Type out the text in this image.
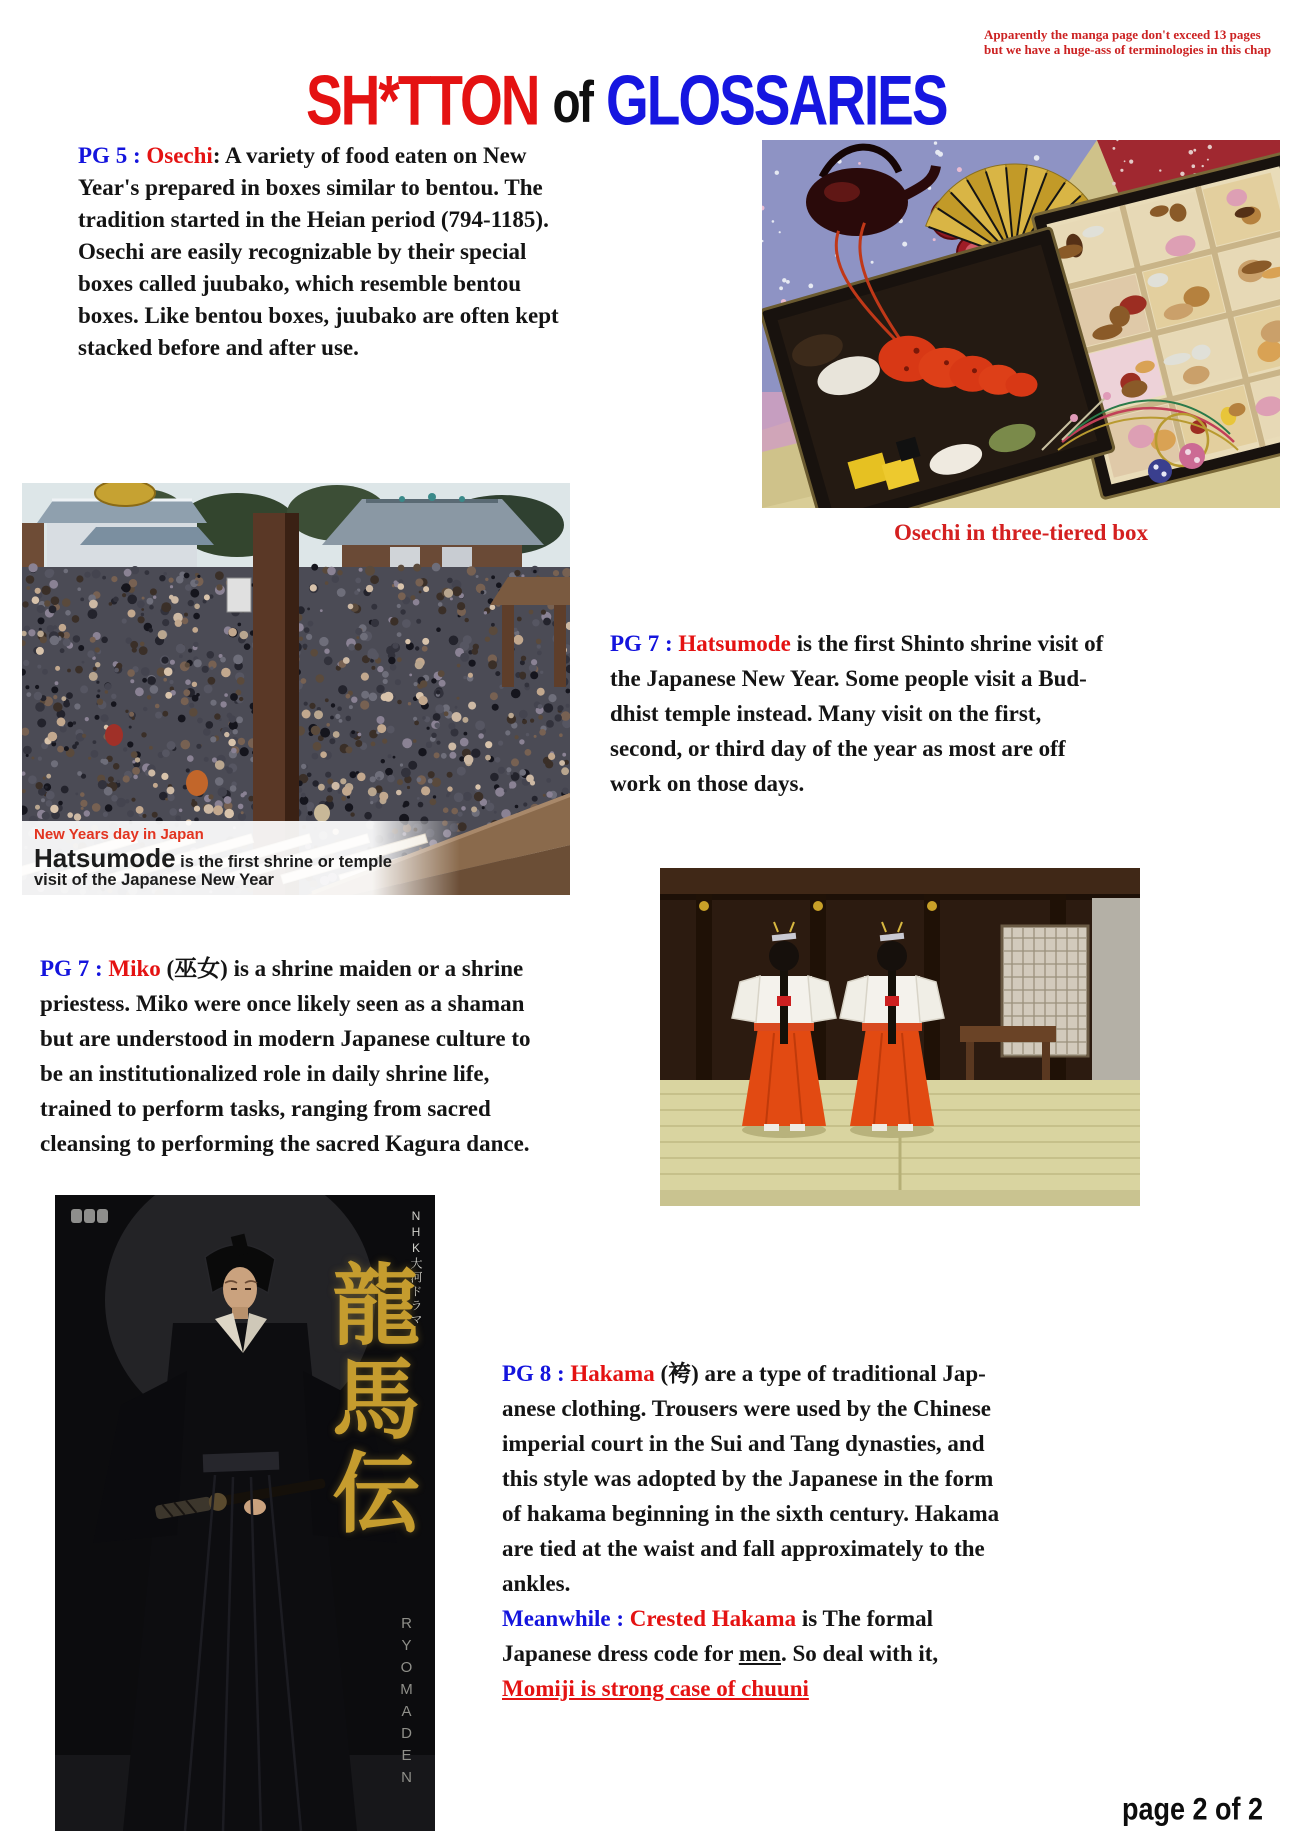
SH*TTON of GLOSSARIES
Apparently the manga page don't exceed 13 pages
but we have a huge-ass of terminologies in this chap
PG 5 : Osechi: A variety of food eaten on New
Year's prepared in boxes similar to bentou. The
tradition started in the Heian period (794-1185).
Osechi are easily recognizable by their special
boxes called juubako, which resemble bentou
boxes. Like bentou boxes, juubako are often kept
stacked before and after use.
Osechi in three-tiered box
New Years day in Japan
Hatsumode is the first shrine or temple
visit of the Japanese New Year
PG 7 : Hatsumode is the first Shinto shrine visit of
the Japanese New Year. Some people visit a Bud-
dhist temple instead. Many visit on the first,
second, or third day of the year as most are off
work on those days.
PG 7 : Miko (巫女) is a shrine maiden or a shrine
priestess. Miko were once likely seen as a shaman
but are understood in modern Japanese culture to
be an institutionalized role in daily shrine life,
trained to perform tasks, ranging from sacred
cleansing to performing the sacred Kagura dance.
NHK大河ドラマ
龍馬伝
RYOMADEN
PG 8 : Hakama (袴) are a type of traditional Jap-
anese clothing. Trousers were used by the Chinese
imperial court in the Sui and Tang dynasties, and
this style was adopted by the Japanese in the form
of hakama beginning in the sixth century. Hakama
are tied at the waist and fall approximately to the
ankles.
Meanwhile : Crested Hakama is The formal
Japanese dress code for men. So deal with it,
Momiji is strong case of chuuni
page 2 of 2
